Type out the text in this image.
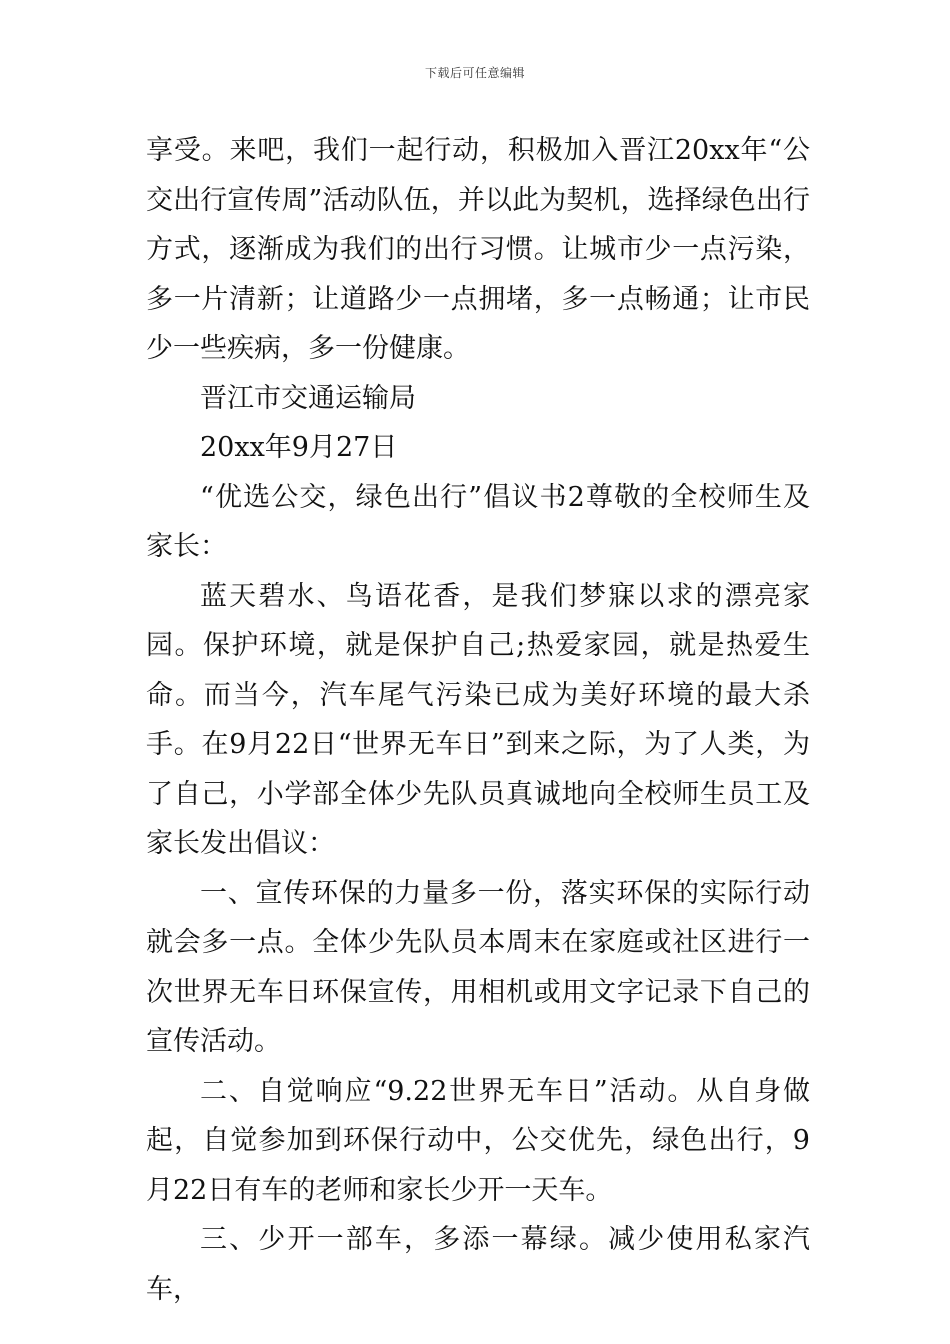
下载后可任意编辑

享受。来吧，我们一起行动，积极加入晋江20xx年“公交出行宣传周”活动队伍，并以此为契机，选择绿色出行方式，逐渐成为我们的出行习惯。让城市少一点污染，多一片清新；让道路少一点拥堵，多一点畅通；让市民少一些疾病，多一份健康。

晋江市交通运输局

20xx年9月27日

“优选公交，绿色出行”倡议书2尊敬的全校师生及家长：

蓝天碧水、鸟语花香，是我们梦寐以求的漂亮家园。保护环境，就是保护自己;热爱家园，就是热爱生命。而当今，汽车尾气污染已成为美好环境的最大杀手。在9月22日“世界无车日”到来之际，为了人类，为了自己，小学部全体少先队员真诚地向全校师生员工及家长发出倡议：

一、宣传环保的力量多一份，落实环保的实际行动就会多一点。全体少先队员本周末在家庭或社区进行一次世界无车日环保宣传，用相机或用文字记录下自己的宣传活动。

二、自觉响应“9.22世界无车日”活动。从自身做起，自觉参加到环保行动中，公交优先，绿色出行，9月22日有车的老师和家长少开一天车。

三、少开一部车，多添一幕绿。减少使用私家汽车，
